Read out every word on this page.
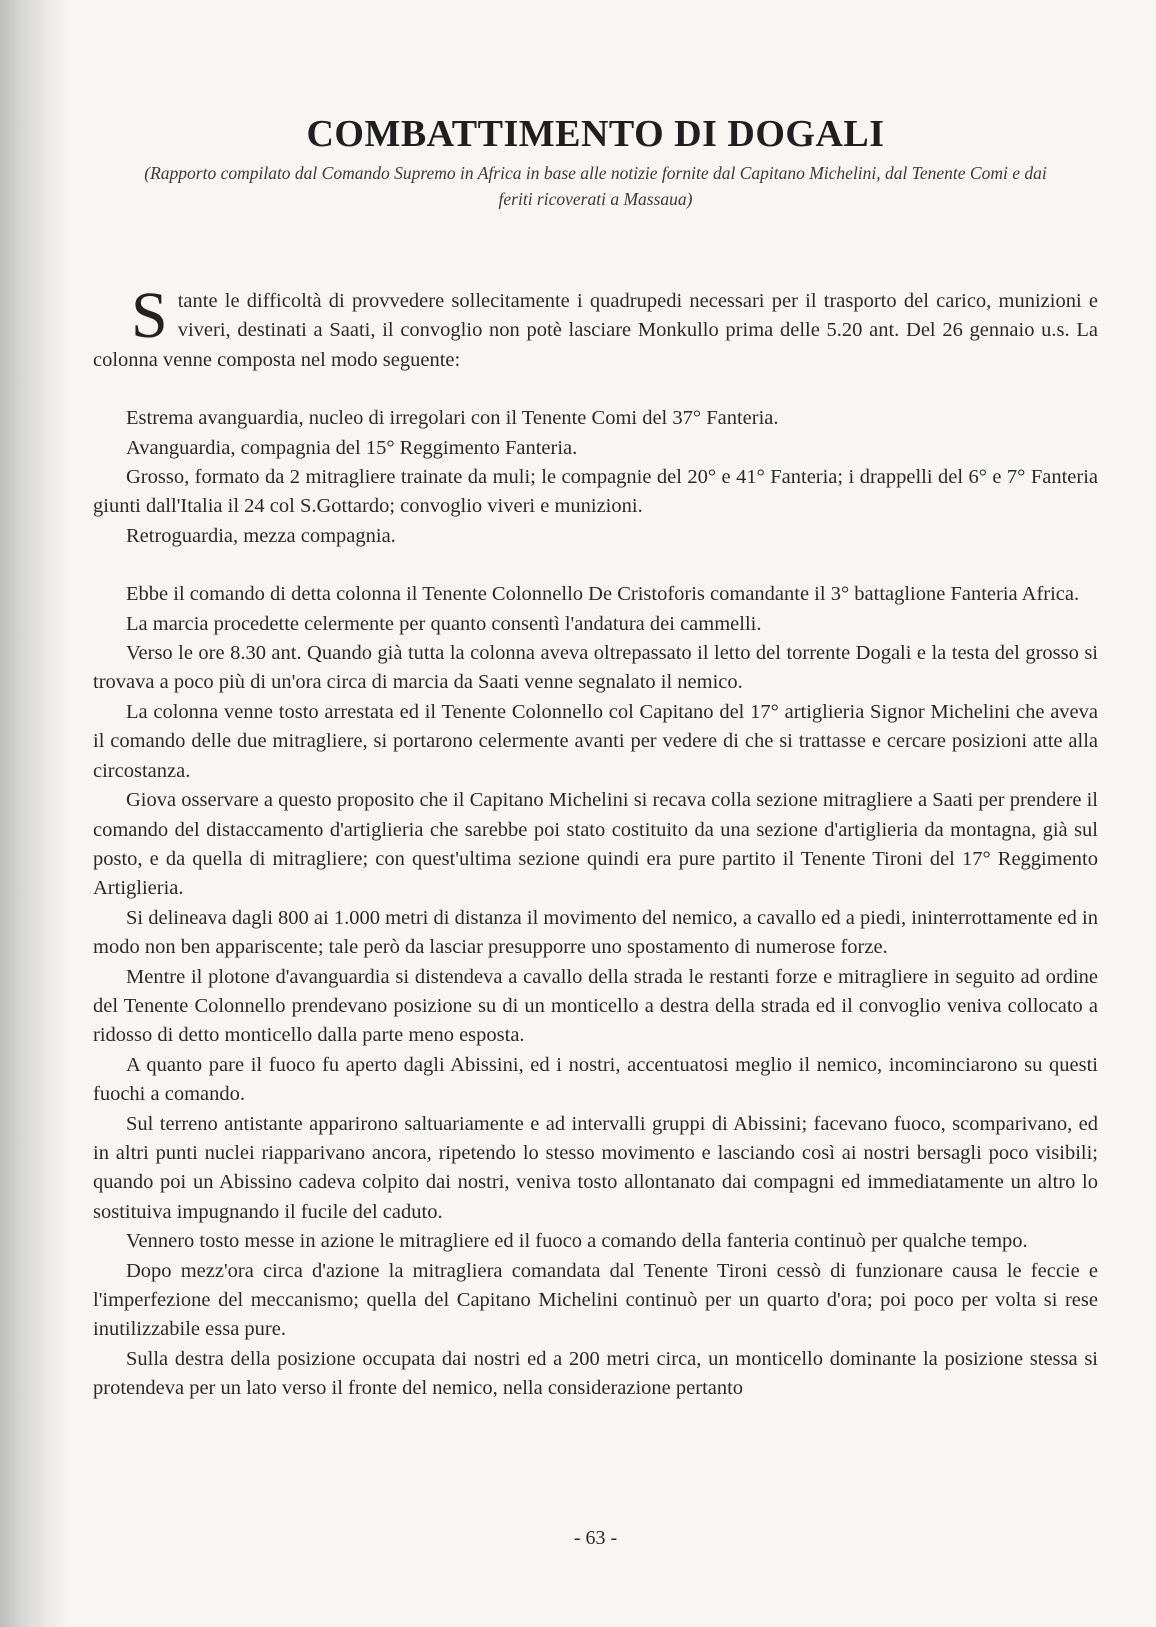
COMBATTIMENTO DI DOGALI
(Rapporto compilato dal Comando Supremo in Africa in base alle notizie fornite dal Capitano Michelini, dal Tenente Comi e dai feriti ricoverati a Massaua)

Stante le difficoltà di provvedere sollecitamente i quadrupedi necessari per il trasporto del carico, munizioni e viveri, destinati a Saati, il convoglio non potè lasciare Monkullo prima delle 5.20 ant. Del 26 gennaio u.s. La colonna venne composta nel modo seguente:

Estrema avanguardia, nucleo di irregolari con il Tenente Comi del 37° Fanteria.

Avanguardia, compagnia del 15° Reggimento Fanteria.

Grosso, formato da 2 mitragliere trainate da muli; le compagnie del 20° e 41° Fanteria; i drappelli del 6° e 7° Fanteria giunti dall'Italia il 24 col S.Gottardo; convoglio viveri e munizioni.

Retroguardia, mezza compagnia.

Ebbe il comando di detta colonna il Tenente Colonnello De Cristoforis comandante il 3° battaglione Fanteria Africa.

La marcia procedette celermente per quanto consentì l'andatura dei cammelli.

Verso le ore 8.30 ant. Quando già tutta la colonna aveva oltrepassato il letto del torrente Dogali e la testa del grosso si trovava a poco più di un'ora circa di marcia da Saati venne segnalato il nemico.

La colonna venne tosto arrestata ed il Tenente Colonnello col Capitano del 17° artiglieria Signor Michelini che aveva il comando delle due mitragliere, si portarono celermente avanti per vedere di che si trattasse e cercare posizioni atte alla circostanza.

Giova osservare a questo proposito che il Capitano Michelini si recava colla sezione mitragliere a Saati per prendere il comando del distaccamento d'artiglieria che sarebbe poi stato costituito da una sezione d'artiglieria da montagna, già sul posto, e da quella di mitragliere; con quest'ultima sezione quindi era pure partito il Tenente Tironi del 17° Reggimento Artiglieria.

Si delineava dagli 800 ai 1.000 metri di distanza il movimento del nemico, a cavallo ed a piedi, ininterrottamente ed in modo non ben appariscente; tale però da lasciar presupporre uno spostamento di numerose forze.

Mentre il plotone d'avanguardia si distendeva a cavallo della strada le restanti forze e mitragliere in seguito ad ordine del Tenente Colonnello prendevano posizione su di un monticello a destra della strada ed il convoglio veniva collocato a ridosso di detto monticello dalla parte meno esposta.

A quanto pare il fuoco fu aperto dagli Abissini, ed i nostri, accentuatosi meglio il nemico, incominciarono su questi fuochi a comando.

Sul terreno antistante apparirono saltuariamente e ad intervalli gruppi di Abissini; facevano fuoco, scomparivano, ed in altri punti nuclei riapparivano ancora, ripetendo lo stesso movimento e lasciando così ai nostri bersagli poco visibili; quando poi un Abissino cadeva colpito dai nostri, veniva tosto allontanato dai compagni ed immediatamente un altro lo sostituiva impugnando il fucile del caduto.

Vennero tosto messe in azione le mitragliere ed il fuoco a comando della fanteria continuò per qualche tempo.

Dopo mezz'ora circa d'azione la mitragliera comandata dal Tenente Tironi cessò di funzionare causa le feccie e l'imperfezione del meccanismo; quella del Capitano Michelini continuò per un quarto d'ora; poi poco per volta si rese inutilizzabile essa pure.

Sulla destra della posizione occupata dai nostri ed a 200 metri circa, un monticello dominante la posizione stessa si protendeva per un lato verso il fronte del nemico, nella considerazione pertanto

- 63 -
